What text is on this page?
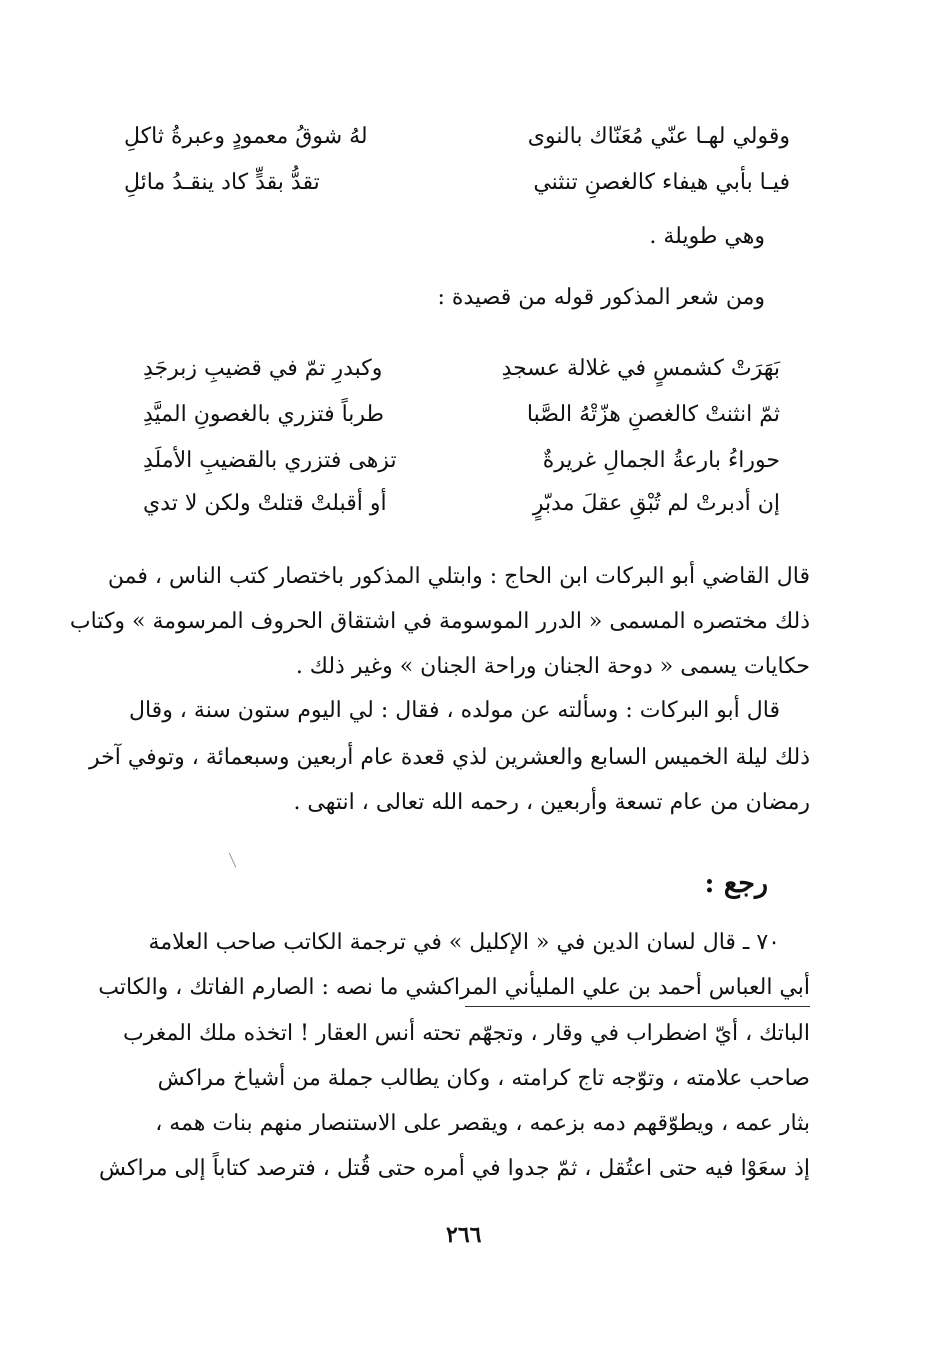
وقولي لهـا عنّي مُعَنّاك بالنوى
لهُ شوقُ معمودٍ وعبرةُ ثاكلِ
فيـا بأبي هيفاء كالغصنِ تنثني
تقدُّ بقدٍّ كاد ينقـدُ مائلِ
وهي طويلة .
ومن شعر المذكور قوله من قصيدة :
بَهَرَتْ كشمسٍ في غلالة عسجدِ
وكبدرِ تمّ في قضيبِ زبرجَدِ
ثمّ انثنتْ كالغصنِ هزّتْهُ الصَّبا
طرباً فتزري بالغصونِ الميَّدِ
حوراءُ بارعةُ الجمالِ غريرةٌ
تزهى فتزري بالقضيبِ الأملَدِ
إن أدبرتْ لم تُبْقِ عقلَ مدبّرٍ
أو أقبلتْ قتلتْ ولكن لا تدي
قال القاضي أبو البركات ابن الحاج : وابتلي المذكور باختصار كتب الناس ، فمن
ذلك مختصره المسمى « الدرر الموسومة في اشتقاق الحروف المرسومة » وكتاب
حكايات يسمى « دوحة الجنان وراحة الجنان » وغير ذلك .
قال أبو البركات : وسألته عن مولده ، فقال : لي اليوم ستون سنة ، وقال
ذلك ليلة الخميس السابع والعشرين لذي قعدة عام أربعين وسبعمائة ، وتوفي آخر
رمضان من عام تسعة وأربعين ، رحمه الله تعالى ، انتهى .
رجع :
٧٠ ـ قال لسان الدين في « الإكليل » في ترجمة الكاتب صاحب العلامة
أبي العباس أحمد بن علي المليأني المراكشي ما نصه : الصارم الفاتك ، والكاتب
الباتك ، أيّ اضطراب في وقار ، وتجهّم تحته أنس العقار ! اتخذه ملك المغرب
صاحب علامته ، وتوّجه تاج كرامته ، وكان يطالب جملة من أشياخ مراكش
بثار عمه ، ويطوّقهم دمه بزعمه ، ويقصر على الاستنصار منهم بنات همه ،
إذ سعَوْا فيه حتى اعتُقل ، ثمّ جدوا في أمره حتى قُتل ، فترصد كتاباً إلى مراكش
٢٦٦
